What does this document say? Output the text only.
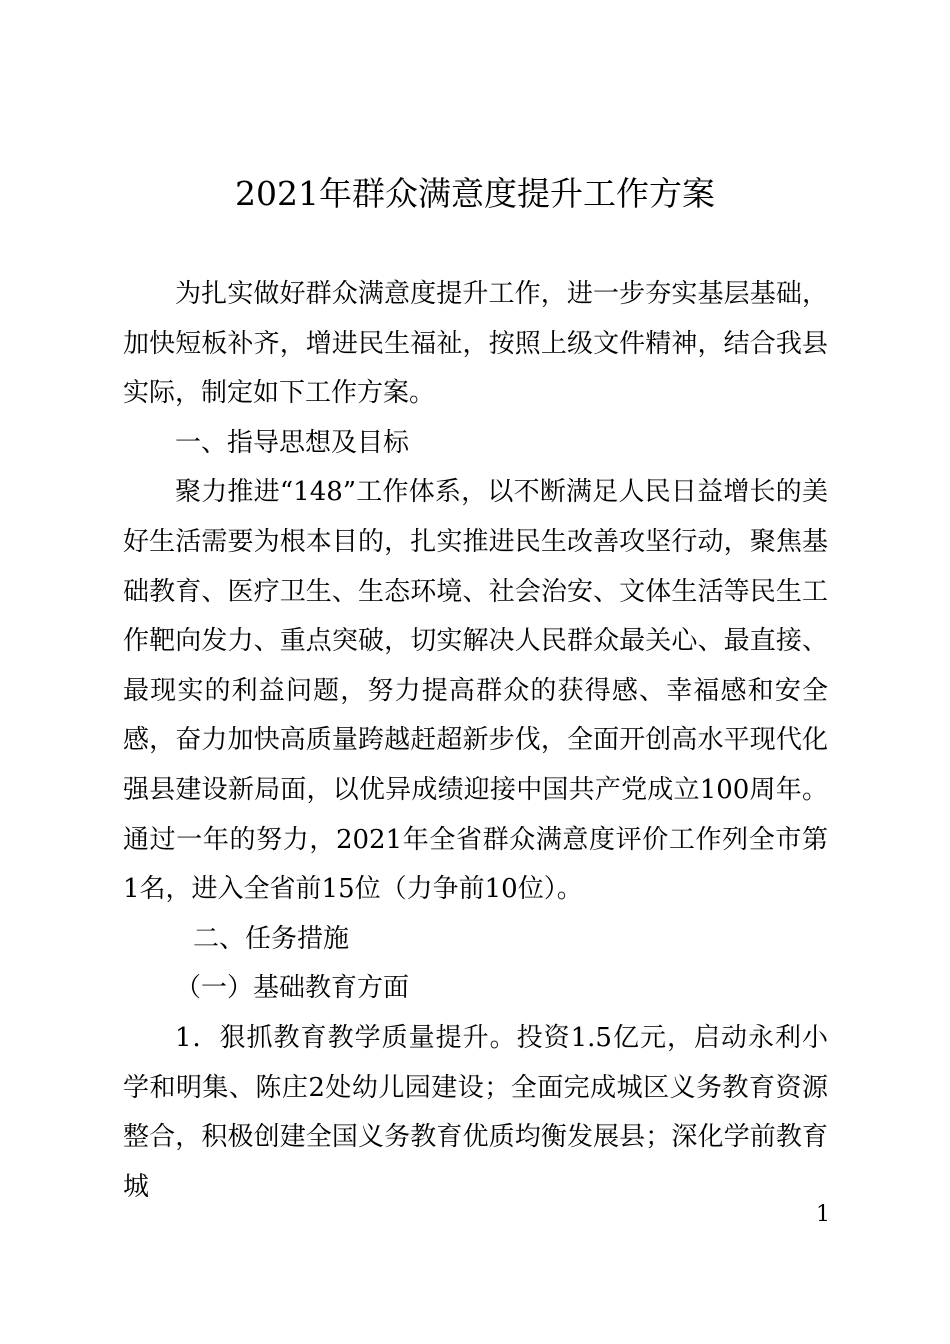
2021年群众满意度提升工作方案

为扎实做好群众满意度提升工作，进一步夯实基层基础，加快短板补齐，增进民生福祉，按照上级文件精神，结合我县实际，制定如下工作方案。

一、指导思想及目标

聚力推进“148”工作体系，以不断满足人民日益增长的美好生活需要为根本目的，扎实推进民生改善攻坚行动，聚焦基础教育、医疗卫生、生态环境、社会治安、文体生活等民生工作靶向发力、重点突破，切实解决人民群众最关心、最直接、最现实的利益问题，努力提高群众的获得感、幸福感和安全感，奋力加快高质量跨越赶超新步伐，全面开创高水平现代化强县建设新局面，以优异成绩迎接中国共产党成立100周年。通过一年的努力，2021年全省群众满意度评价工作列全市第1名，进入全省前15位（力争前10位）。

二、任务措施

（一）基础教育方面

1．狠抓教育教学质量提升。投资1.5亿元，启动永利小学和明集、陈庄2处幼儿园建设；全面完成城区义务教育资源整合，积极创建全国义务教育优质均衡发展县；深化学前教育城

1
